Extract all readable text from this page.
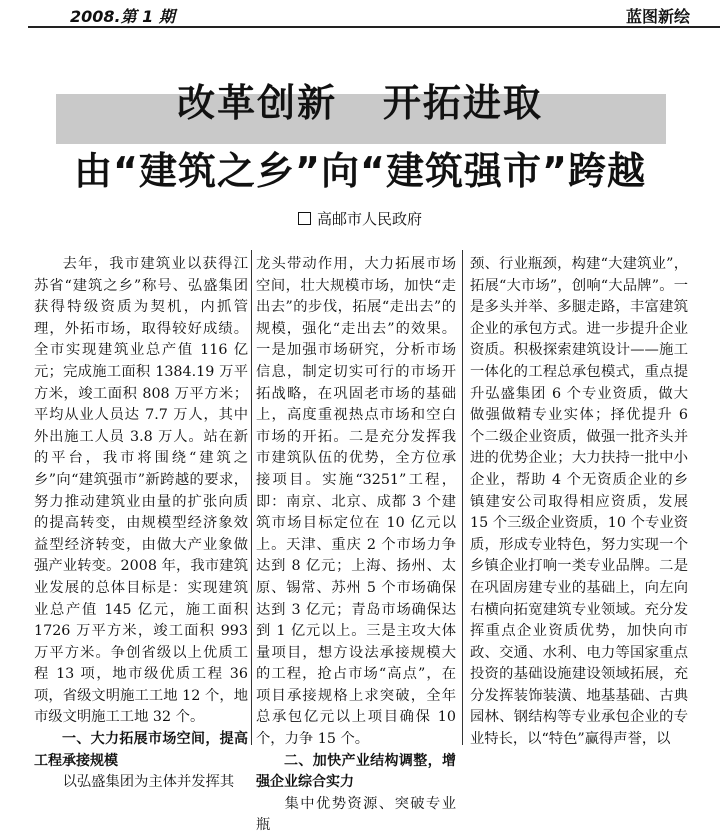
2008.第 1 期	蓝图新绘
改革创新   开拓进取
由“建筑之乡”向“建筑强市”跨越
高邮市人民政府

去年，我市建筑业以获得江苏省“建筑之乡”称号、弘盛集团获得特级资质为契机，内抓管理，外拓市场，取得较好成绩。全市实现建筑业总产值 116 亿元；完成施工面积 1384.19 万平方米，竣工面积 808 万平方米；平均从业人员达 7.7 万人，其中外出施工人员 3.8 万人。站在新的平台，我市将围绕“建筑之乡”向“建筑强市”新跨越的要求，努力推动建筑业由量的扩张向质的提高转变，由规模型经济象效益型经济转变，由做大产业象做强产业转变。2008 年，我市建筑业发展的总体目标是：实现建筑业总产值 145 亿元，施工面积 1726 万平方米，竣工面积 993 万平方米。争创省级以上优质工程 13 项，地市级优质工程 36 项，省级文明施工工地 12 个，地市级文明施工工地 32 个。

一、大力拓展市场空间，提高工程承接规模

以弘盛集团为主体并发挥其

龙头带动作用，大力拓展市场空间，壮大规模市场，加快“走出去”的步伐，拓展“走出去”的规模，强化“走出去”的效果。一是加强市场研究，分析市场信息，制定切实可行的市场开拓战略，在巩固老市场的基础上，高度重视热点市场和空白市场的开拓。二是充分发挥我市建筑队伍的优势，全方位承接项目。实施“3251”工程，即：南京、北京、成都 3 个建筑市场目标定位在 10 亿元以上。天津、重庆 2 个市场力争达到 8 亿元；上海、扬州、太原、锡常、苏州 5 个市场确保达到 3 亿元；青岛市场确保达到 1 亿元以上。三是主攻大体量项目，想方设法承接规模大的工程，抢占市场“高点”，在项目承接规格上求突破，全年总承包亿元以上项目确保 10 个，力争 15 个。

二、加快产业结构调整，增强企业综合实力

集中优势资源、突破专业瓶

颈、行业瓶颈，构建“大建筑业”，拓展“大市场”，创响“大品牌”。一是多头并举、多腿走路，丰富建筑企业的承包方式。进一步提升企业资质。积极探索建筑设计——施工一体化的工程总承包模式，重点提升弘盛集团 6 个专业资质，做大做强做精专业实体；择优提升 6 个二级企业资质，做强一批齐头并进的优势企业；大力扶持一批中小企业，帮助 4 个无资质企业的乡镇建安公司取得相应资质，发展 15 个三级企业资质，10 个专业资质，形成专业特色，努力实现一个乡镇企业打响一类专业品牌。二是在巩固房建专业的基础上，向左向右横向拓宽建筑专业领域。充分发挥重点企业资质优势，加快向市政、交通、水利、电力等国家重点投资的基础设施建设领域拓展，充分发挥装饰装潢、地基基础、古典园林、钢结构等专业承包企业的专业特长，以“特色”赢得声誉，以
